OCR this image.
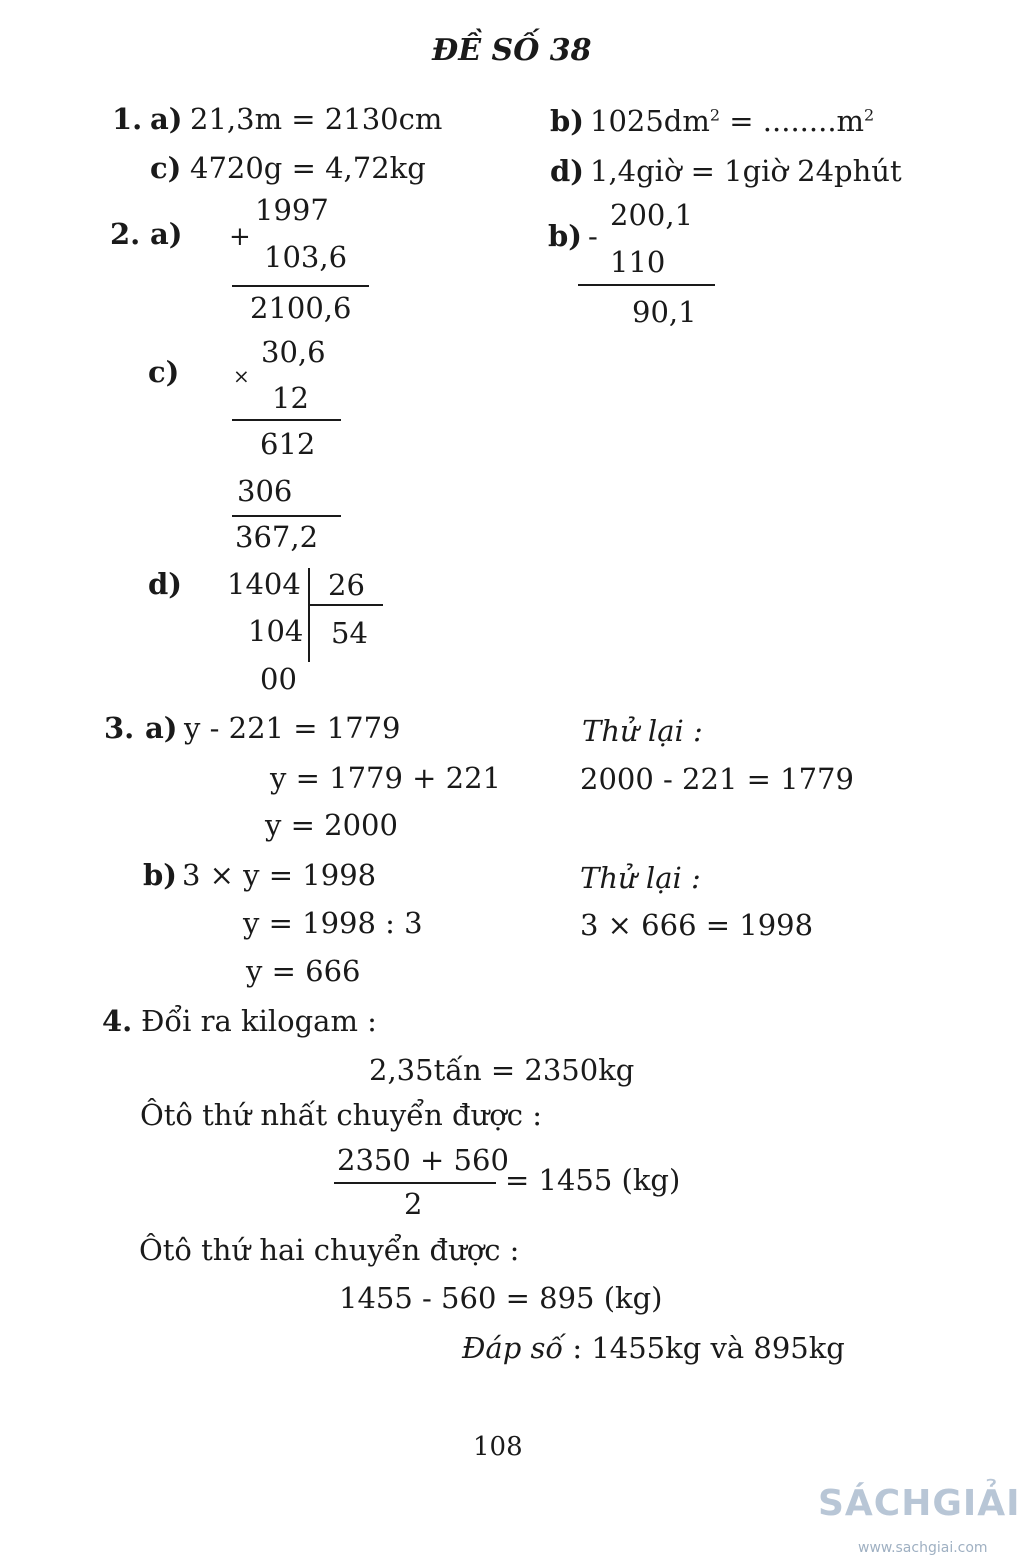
ĐỀ SỐ 38
1. a) 21,3m = 2130cm	b) $1025dm^2 = ........m^2$
c) 4720g = 4,72kg	d) 1,4giờ = 1giờ 24phút
2. a) +
1997
103,6
2100,6
b) -
200,1
110
90,1
c)	×
30,6
12
612
306
367,2
d) 1404 26
104 54
00
3. a) y - 221 = 1779
y = 1779 + 221
y = 2000
Thử lại :
2000 - 221 = 1779
b) 3 × y = 1998
y = 1998 : 3
y = 666
Thử lại :
3 × 666 = 1998
4. Đổi ra kilogam :
2,35tấn = 2350kg
Ôtô thứ nhất chuyển được :
2350 + 560
2
= 1455 (kg)
Ôtô thứ hai chuyển được :
1455 - 560 = 895 (kg)
Đáp số : 1455kg và 895kg
108
SÁCHGIẢI
www.sachgiai.com
